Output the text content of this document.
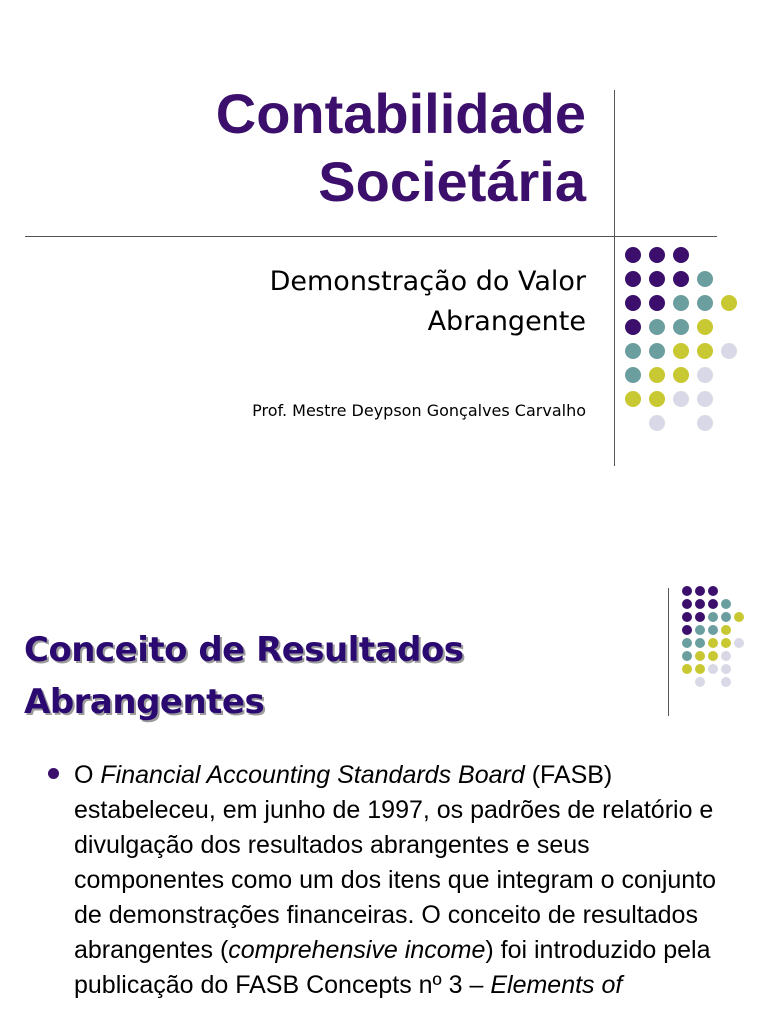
Contabilidade
Societária

Demonstração do Valor
Abrangente

Prof. Mestre Deypson Gonçalves Carvalho

Conceito de Resultados
Abrangentes

O Financial Accounting Standards Board (FASB) estabeleceu, em junho de 1997, os padrões de relatório e divulgação dos resultados abrangentes e seus componentes como um dos itens que integram o conjunto de demonstrações financeiras. O conceito de resultados abrangentes (comprehensive income) foi introduzido pela publicação do FASB Concepts nº 3 – Elements of
